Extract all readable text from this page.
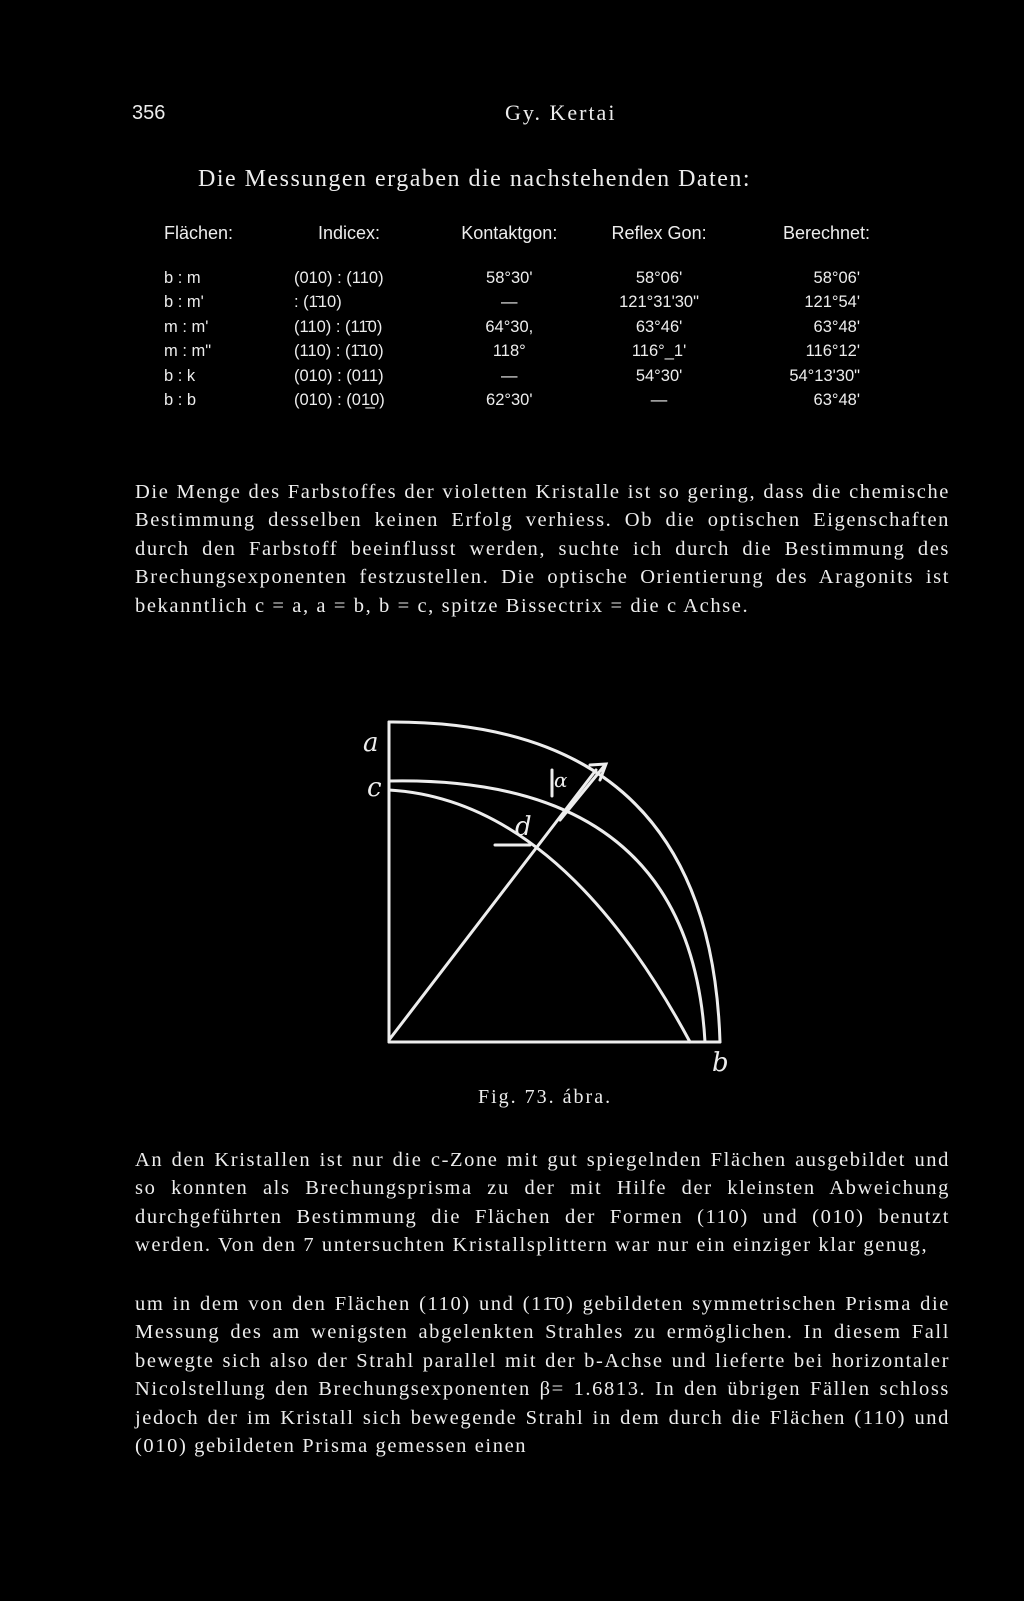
356	Gy. Kertai
Die Messungen ergaben die nachstehenden Daten:
Flächen:	Indicex:	Kontaktgon:	Reflex Gon:	Berechnet:
b : m	(010) : (110)	58°30'	58°06'	58°06'
b : m'	: (1̄10)	—	121°31'30"	121°54'
m : m'	(110) : (11̄0)	64°30,	63°46'	63°48'
m : m"	(110) : (1̄10)	118°	116°_1'	116°12'
b : k	(010) : (011)	—	54°30'	54°13'30"
b : b	(010) : (01̲0)	62°30'	—	63°48'
Die Menge des Farbstoffes der violetten Kristalle ist so gering, dass die chemische Bestimmung desselben keinen Erfolg verhiess. Ob die optischen Eigenschaften durch den Farbstoff beeinflusst werden, suchte ich durch die Bestimmung des Brechungsexponenten festzustellen. Die optische Orientierung des Aragonits ist bekanntlich c = a, a = b, b = c, spitze Bissectrix = die c Achse.
a
c	α
d
b
Fig. 73. ábra.
An den Kristallen ist nur die c-Zone mit gut spiegelnden Flächen ausgebildet und so konnten als Brechungsprisma zu der mit Hilfe der kleinsten Abweichung durchgeführten Bestimmung die Flächen der Formen (110) und (010) benutzt werden. Von den 7 untersuchten Kristallsplittern war nur ein einziger klar genug,
um in dem von den Flächen (110) und (11̄0) gebildeten symmetrischen Prisma die Messung des am wenigsten abgelenkten Strahles zu ermöglichen. In diesem Fall bewegte sich also der Strahl parallel mit der b-Achse und lieferte bei horizontaler Nicolstellung den Brechungsexponenten β= 1.6813. In den übrigen Fällen schloss jedoch der im Kristall sich bewegende Strahl in dem durch die Flächen (110) und (010) gebildeten Prisma gemessen einen
